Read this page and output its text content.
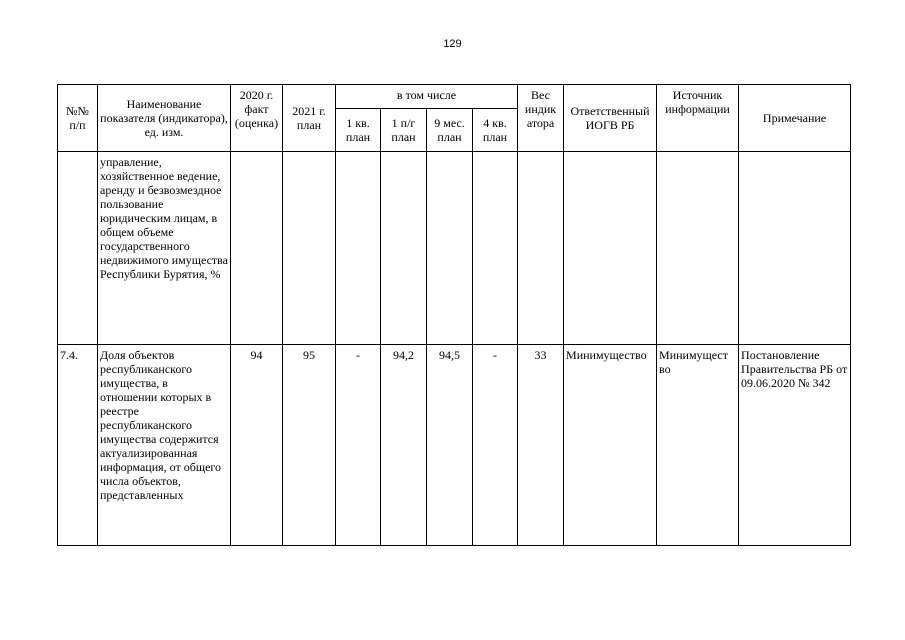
129
№№ п/п	Наименование показателя (индикатора), ед. изм.	2020 г. факт (оценка)	2021 г. план	в том числе				Вес индик атора	Ответственный ИОГВ РБ	Источник информации	Примечание
				1 кв. план	1 п/г план	9 мес. план	4 кв. план				
	управление, хозяйственное ведение, аренду и безвозмездное пользование юридическим лицам, в общем объеме государственного недвижимого имущества Республики Бурятия, %										
7.4.	Доля объектов республиканского имущества, в отношении которых в реестре республиканского имущества содержится актуализированная информация, от общего числа объектов, представленных	94	95	-	94,2	94,5	-	33	Минимущество	Минимущест во	Постановление Правительства РБ от 09.06.2020 № 342
